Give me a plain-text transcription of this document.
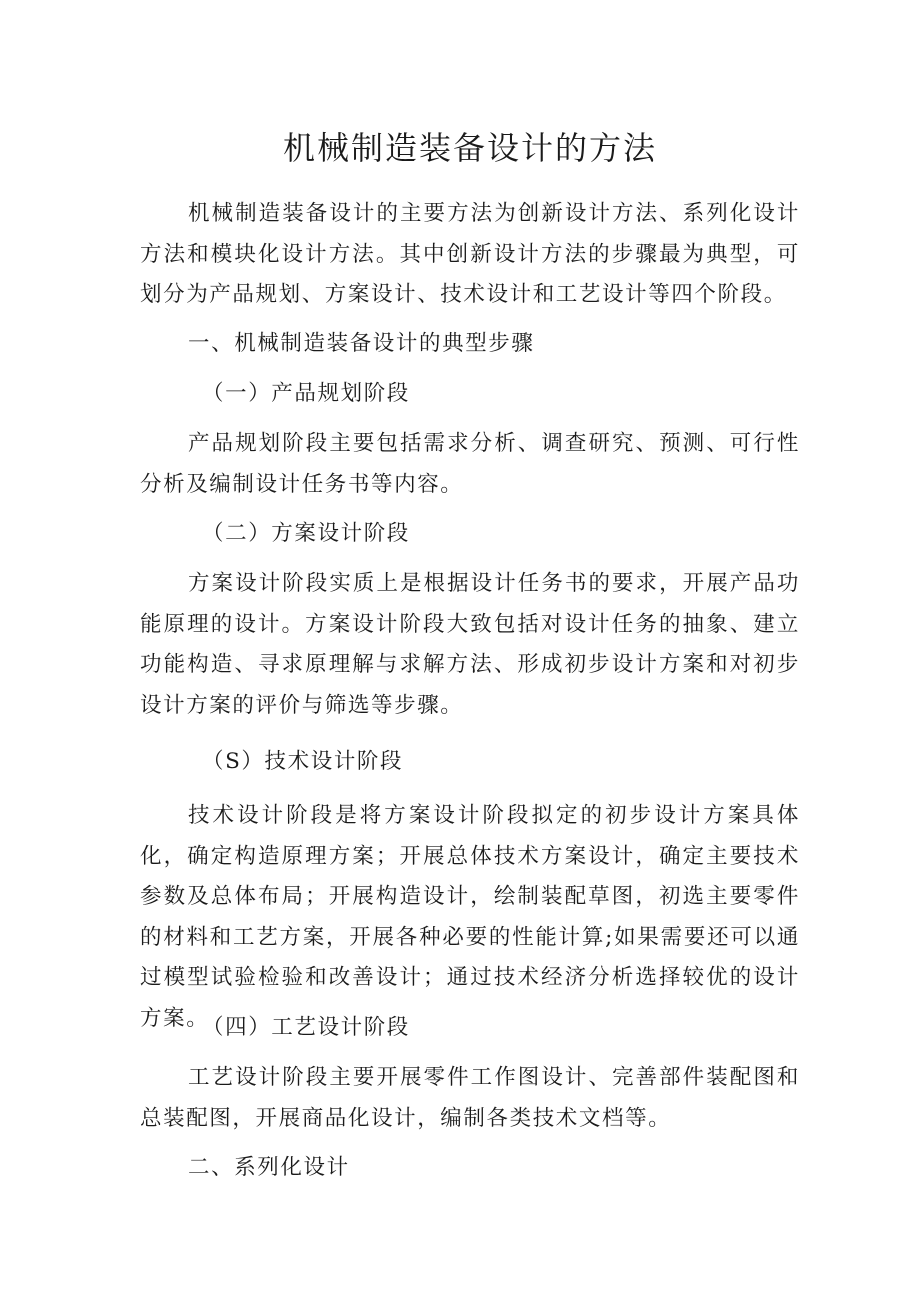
机械制造装备设计的方法

机械制造装备设计的主要方法为创新设计方法、系列化设计方法和模块化设计方法。其中创新设计方法的步骤最为典型，可划分为产品规划、方案设计、技术设计和工艺设计等四个阶段。

一、机械制造装备设计的典型步骤

（一）产品规划阶段

产品规划阶段主要包括需求分析、调查研究、预测、可行性分析及编制设计任务书等内容。

（二）方案设计阶段

方案设计阶段实质上是根据设计任务书的要求，开展产品功能原理的设计。方案设计阶段大致包括对设计任务的抽象、建立功能构造、寻求原理解与求解方法、形成初步设计方案和对初步设计方案的评价与筛选等步骤。

（S）技术设计阶段

技术设计阶段是将方案设计阶段拟定的初步设计方案具体化，确定构造原理方案；开展总体技术方案设计，确定主要技术参数及总体布局；开展构造设计，绘制装配草图，初选主要零件的材料和工艺方案，开展各种必要的性能计算;如果需要还可以通过模型试验检验和改善设计；通过技术经济分析选择较优的设计方案。

（四）工艺设计阶段

工艺设计阶段主要开展零件工作图设计、完善部件装配图和总装配图，开展商品化设计，编制各类技术文档等。

二、系列化设计
